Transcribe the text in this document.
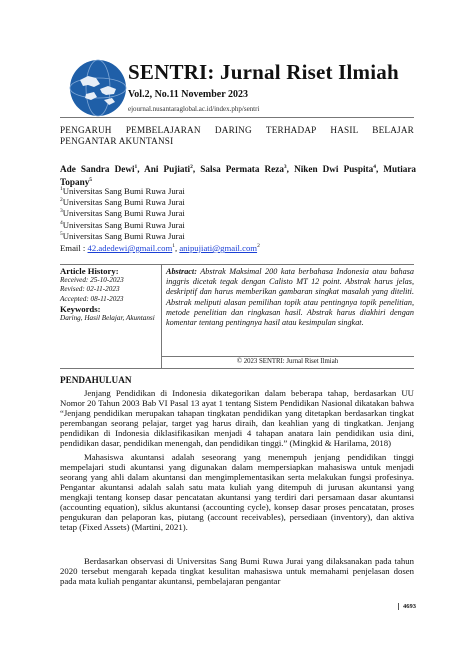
SENTRI: Jurnal Riset Ilmiah
Vol.2, No.11 November 2023
ejournal.nusantaraglobal.ac.id/index.php/sentri
PENGARUH PEMBELAJARAN DARING TERHADAP HASIL BELAJAR PENGANTAR AKUNTANSI
Ade Sandra Dewi$^1$, Ani Pujiati$^2$, Salsa Permata Reza$^3$, Niken Dwi Puspita$^4$, Mutiara Topany$^5$
$^1$Universitas Sang Bumi Ruwa Jurai
$^2$Universitas Sang Bumi Ruwa Jurai
$^3$Universitas Sang Bumi Ruwa Jurai
$^4$Universitas Sang Bumi Ruwa Jurai
$^5$Universitas Sang Bumi Ruwa Jurai
Email : 42.adedewi@gmail.com$^1$, anipujiati@gmail.com$^2$
Article History:
Received: 25-10-2023
Revised: 02-11-2023
Accepted: 08-11-2023
Keywords:
Daring, Hasil Belajar, Akuntansi
Abstract: Abstrak Maksimal 200 kata berbahasa Indonesia atau bahasa inggris dicetak tegak dengan Calisto MT 12 point. Abstrak harus jelas, deskriptif dan harus memberikan gambaran singkat masalah yang diteliti. Abstrak meliputi alasan pemilihan topik atau pentingnya topik penelitian, metode penelitian dan ringkasan hasil. Abstrak harus diakhiri dengan komentar tentang pentingnya hasil atau kesimpulan singkat.
© 2023 SENTRI: Jurnal Riset Ilmiah
PENDAHULUAN
Jenjang Pendidikan di Indonesia dikategorikan dalam beberapa tahap, berdasarkan UU Nomor 20 Tahun 2003 Bab VI Pasal 13 ayat 1 tentang Sistem Pendidikan Nasional dikatakan bahwa “Jenjang pendidikan merupakan tahapan tingkatan pendidikan yang ditetapkan berdasarkan tingkat perembangan seorang pelajar, target yag harus diraih, dan keahlian yang di tingkatkan. Jenjang pendidikan di Indonesia diklasifikasikan menjadi 4 tahapan anatara lain pendidikan usia dini, pendidikan dasar, pendidikan menengah, dan pendidikan tinggi.” (Mingkid & Harilama, 2018)
Mahasiswa akuntansi adalah seseorang yang menempuh jenjang pendidikan tinggi mempelajari studi akuntansi yang digunakan dalam mempersiapkan mahasiswa untuk menjadi seorang yang ahli dalam akuntansi dan mengimplementasikan serta melakukan fungsi profesinya. Pengantar akuntansi adalah salah satu mata kuliah yang ditempuh di jurusan akuntansi yang mengkaji tentang konsep dasar pencatatan akuntansi yang terdiri dari persamaan dasar akuntansi (accounting equation), siklus akuntansi (accounting cycle), konsep dasar proses pencatatan, proses pengukuran dan pelaporan kas, piutang (account receivables), persediaan (inventory), dan aktiva tetap (Fixed Assets) (Martini, 2021).
Berdasarkan observasi di Universitas Sang Bumi Ruwa Jurai yang dilaksanakan pada tahun 2020 tersebut mengarah kepada tingkat kesulitan mahasiswa untuk memahami penjelasan dosen pada mata kuliah pengantar akuntansi, pembelajaran pengantar
4693
